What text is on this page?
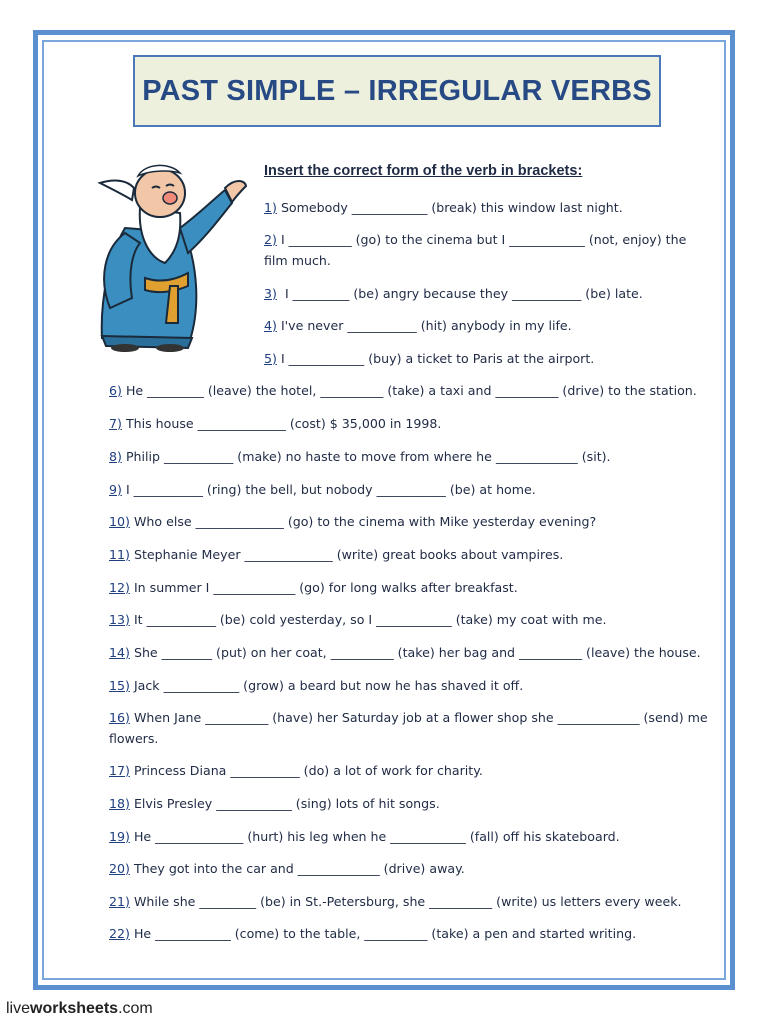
PAST SIMPLE – IRREGULAR VERBS
Insert the correct form of the verb in brackets:
1) Somebody ____________ (break) this window last night.
2) I __________ (go) to the cinema but I ____________ (not, enjoy) the film much.
3) I _________ (be) angry because they ___________ (be) late.
4) I've never ___________ (hit) anybody in my life.
5) I ____________ (buy) a ticket to Paris at the airport.
6) He _________ (leave) the hotel, __________ (take) a taxi and __________ (drive) to the station.
7) This house ______________ (cost) $ 35,000 in 1998.
8) Philip ___________ (make) no haste to move from where he _____________ (sit).
9) I ___________ (ring) the bell, but nobody ___________ (be) at home.
10) Who else ______________ (go) to the cinema with Mike yesterday evening?
11) Stephanie Meyer ______________ (write) great books about vampires.
12) In summer I _____________ (go) for long walks after breakfast.
13) It ___________ (be) cold yesterday, so I ____________ (take) my coat with me.
14) She ________ (put) on her coat, __________ (take) her bag and __________ (leave) the house.
15) Jack ____________ (grow) a beard but now he has shaved it off.
16) When Jane __________ (have) her Saturday job at a flower shop she _____________ (send) me flowers.
17) Princess Diana ___________ (do) a lot of work for charity.
18) Elvis Presley ____________ (sing) lots of hit songs.
19) He ______________ (hurt) his leg when he ____________ (fall) off his skateboard.
20) They got into the car and _____________ (drive) away.
21) While she _________ (be) in St.-Petersburg, she __________ (write) us letters every week.
22) He ____________ (come) to the table, __________ (take) a pen and started writing.
liveworksheets.com
